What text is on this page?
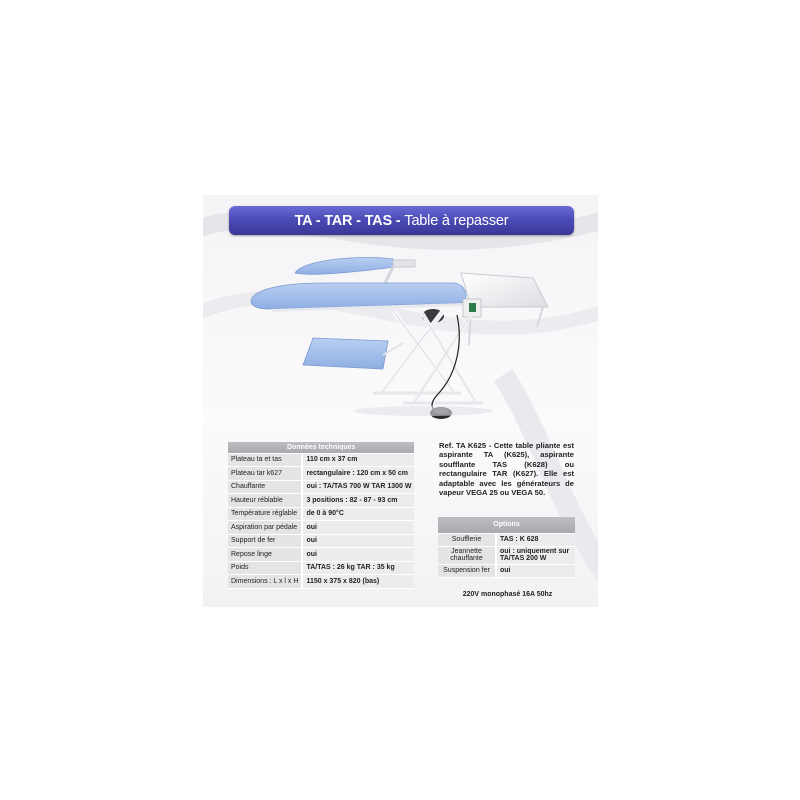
TA - TAR - TAS - Table à repasser
Données techniques	
Plateau ta et tas	110 cm x 37 cm
Plateau tar k627	rectangulaire : 120 cm x 50 cm
Chauffante	oui : TA/TAS 700 W TAR 1300 W
Hauteur réblable	3 positions : 82 - 87 - 93 cm
Température réglable	de 0 à 90°C
Aspiration par pédale	oui
Support de fer	oui
Repose linge	oui
Poids	TA/TAS : 26 kg TAR : 35 kg
Dimensions : L x l x H	1150 x 375 x 820 (bas)

Ref. TA K625 - Cette table pliante est aspirante TA (K625), aspirante soufflante TAS (K628) ou rectangulaire TAR (K627). Elle est adaptable avec les générateurs de vapeur VEGA 25 ou VEGA 50.

Options	
Soufflerie	TAS : K 628
Jeannette chauffante	oui : uniquement sur TA/TAS 200 W
Suspension fer	oui
220V monophasé 16A 50hz
